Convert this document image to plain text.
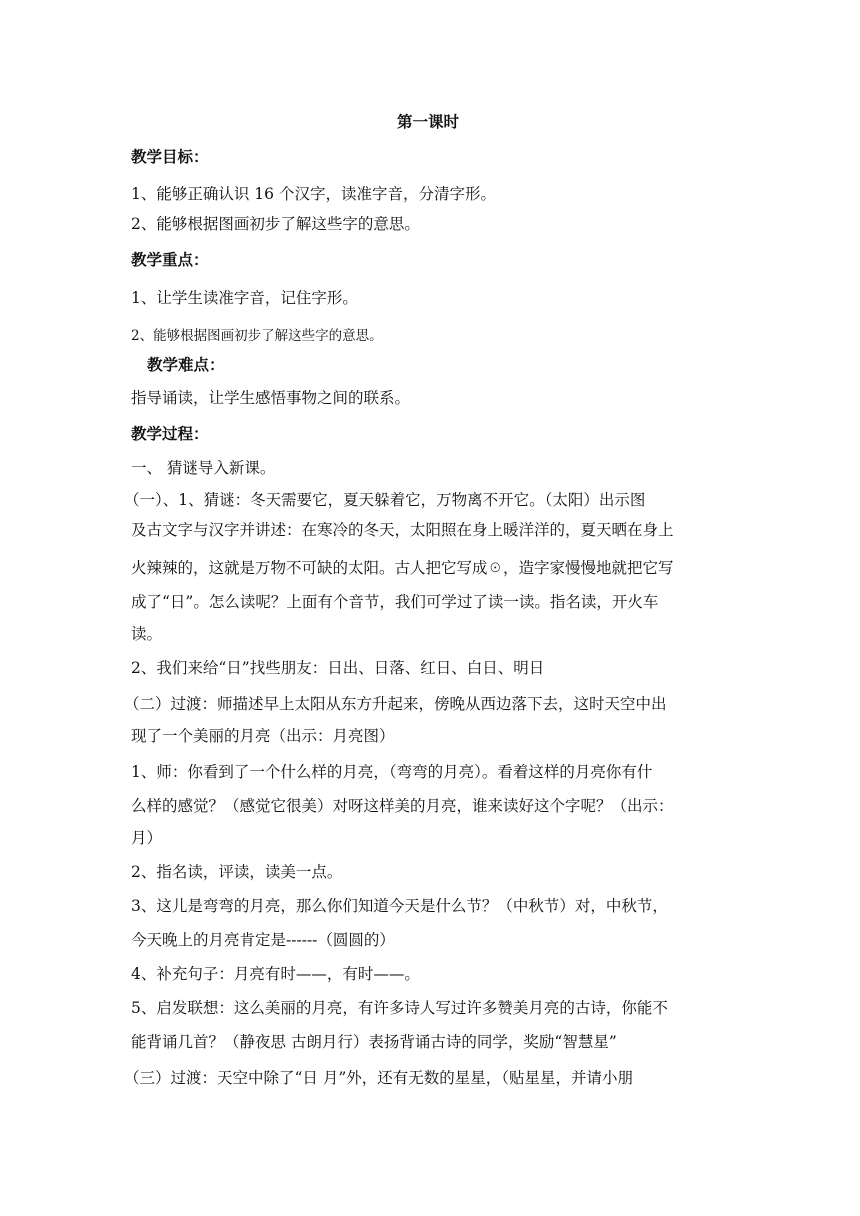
第一课时
教学目标：
1、能够正确认识 16 个汉字，读准字音，分清字形。
2、能够根据图画初步了解这些字的意思。
教学重点：
1、让学生读准字音，记住字形。
2、能够根据图画初步了解这些字的意思。
教学难点：
指导诵读，让学生感悟事物之间的联系。
教学过程：
一、 猜谜导入新课。
（一）、1、猜谜：冬天需要它，夏天躲着它，万物离不开它。（太阳）出示图
及古文字与汉字并讲述：在寒冷的冬天，太阳照在身上暖洋洋的，夏天晒在身上
火辣辣的，这就是万物不可缺的太阳。古人把它写成☉，造字家慢慢地就把它写
成了“日”。怎么读呢？上面有个音节，我们可学过了读一读。指名读，开火车
读。
2、我们来给“日”找些朋友：日出、日落、红日、白日、明日
（二）过渡：师描述早上太阳从东方升起来，傍晚从西边落下去，这时天空中出
现了一个美丽的月亮（出示：月亮图）
1、师：你看到了一个什么样的月亮，（弯弯的月亮）。看着这样的月亮你有什
么样的感觉？（感觉它很美）对呀这样美的月亮，谁来读好这个字呢？（出示：
月）
2、指名读，评读，读美一点。
3、这儿是弯弯的月亮，那么你们知道今天是什么节？（中秋节）对，中秋节，
今天晚上的月亮肯定是------（圆圆的）
4、补充句子：月亮有时——，有时——。
5、启发联想：这么美丽的月亮，有许多诗人写过许多赞美月亮的古诗，你能不
能背诵几首？（静夜思 古朗月行）表扬背诵古诗的同学，奖励“智慧星”
（三）过渡：天空中除了“日 月”外，还有无数的星星，（贴星星，并请小朋
